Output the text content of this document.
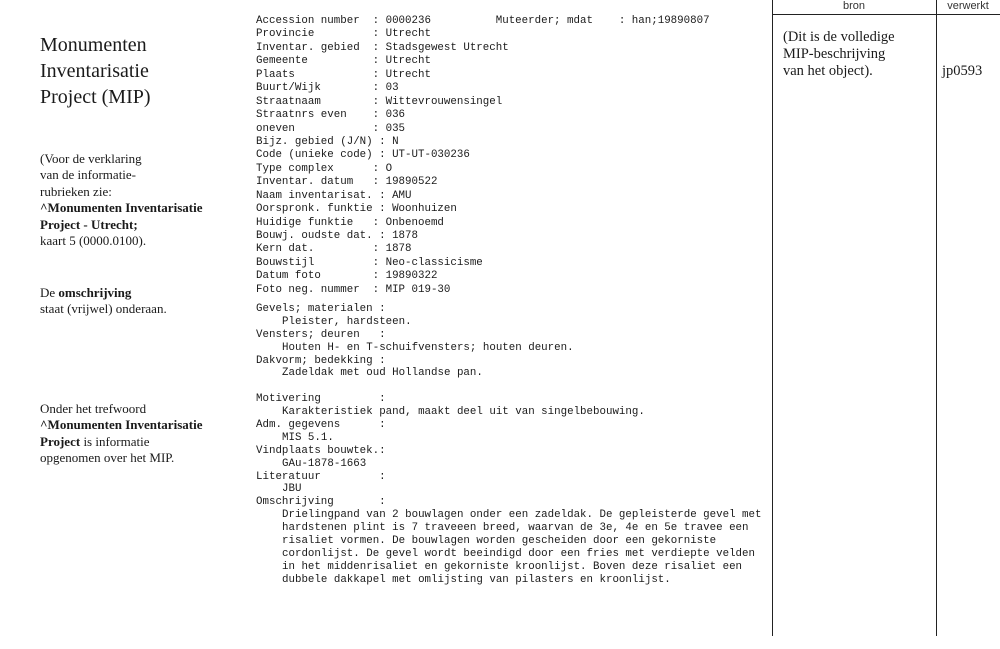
Monumenten
Inventarisatie
Project (MIP)
(Voor de verklaring
van de informatie-
rubrieken zie:
^Monumenten Inventarisatie
Project - Utrecht;
kaart 5 (0000.0100).
De omschrijving
staat (vrijwel) onderaan.
Onder het trefwoord
^Monumenten Inventarisatie
Project is informatie
opgenomen over het MIP.
Accession number  : 0000236          Muteerder; mdat    : han;19890807
Provincie         : Utrecht
Inventar. gebied  : Stadsgewest Utrecht
Gemeente          : Utrecht
Plaats            : Utrecht
Buurt/Wijk        : 03
Straatnaam        : Wittevrouwensingel
Straatnrs even    : 036
oneven            : 035
Bijz. gebied (J/N) : N
Code (unieke code) : UT-UT-030236
Type complex      : O
Inventar. datum   : 19890522
Naam inventarisat. : AMU
Oorspronk. funktie : Woonhuizen
Huidige funktie   : Onbenoemd
Bouwj. oudste dat. : 1878
Kern dat.         : 1878
Bouwstijl         : Neo-classicisme
Datum foto        : 19890322
Foto neg. nummer  : MIP 019-30
Gevels; materialen :
Pleister, hardsteen.
Vensters; deuren   :
Houten H- en T-schuifvensters; houten deuren.
Dakvorm; bedekking :
Zadeldak met oud Hollandse pan.
Motivering         :
Karakteristiek pand, maakt deel uit van singelbebouwing.
Adm. gegevens      :
MIS 5.1.
Vindplaats bouwtek.:
GAu-1878-1663
Literatuur         :
JBU
Omschrijving       :
Drielingpand van 2 bouwlagen onder een zadeldak. De gepleisterde gevel met
hardstenen plint is 7 traveeen breed, waarvan de 3e, 4e en 5e travee een
risaliet vormen. De bouwlagen worden gescheiden door een gekorniste
cordonlijst. De gevel wordt beeindigd door een fries met verdiepte velden
in het middenrisaliet en gekorniste kroonlijst. Boven deze risaliet een
dubbele dakkapel met omlijsting van pilasters en kroonlijst.
bron	verwerkt
(Dit is de volledige
MIP-beschrijving
van het object).	jp0593
